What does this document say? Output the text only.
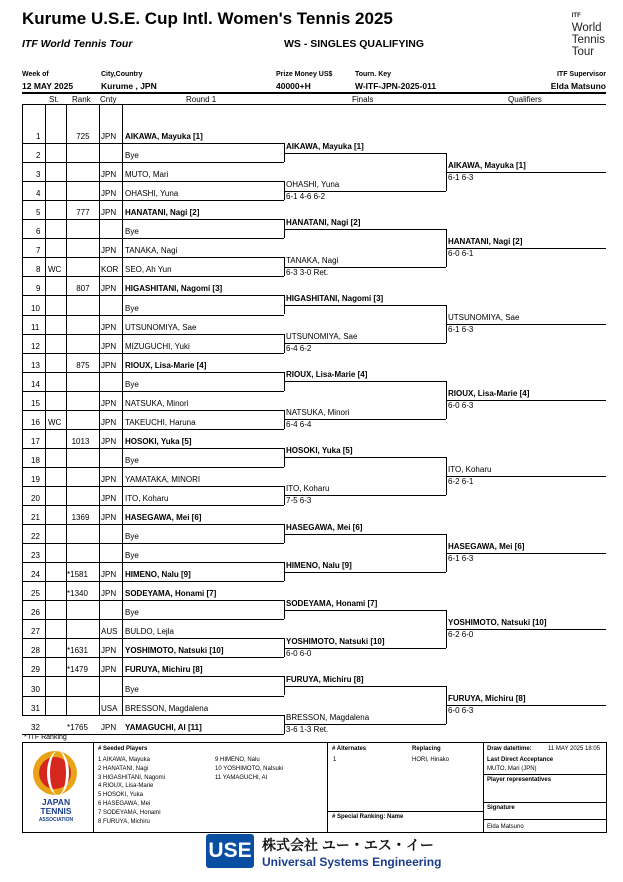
Kurume U.S.E. Cup Intl. Women's Tennis 2025
ITF World Tennis Tour	WS - SINGLES QUALIFYING
ITF
World
Tennis
Tour
Week of
12 MAY 2025
City,Country
Kurume , JPN
Prize Money US$
40000+H
Tourn. Key
W-ITF-JPN-2025-011
ITF Supervisor
Elda Matsuno
St. Rank Cnty	Round 1	Finals	Qualifiers
1	725 JPN AIKAWA, Mayuka [1]
2	Bye
3	JPN MUTO, Mari
4	JPN OHASHI, Yuna
5	777 JPN HANATANI, Nagi [2]
6	Bye
7	JPN TANAKA, Nagi
8 WC	KOR SEO, Ah Yun
9	807 JPN HIGASHITANI, Nagomi [3]
10	Bye
11	JPN UTSUNOMIYA, Sae
12	JPN MIZUGUCHI, Yuki
13	875 JPN RIOUX, Lisa-Marie [4]
14	Bye
15	JPN NATSUKA, Minori
16 WC	JPN TAKEUCHI, Haruna
17	1013 JPN HOSOKI, Yuka [5]
18	Bye
19	JPN YAMATAKA, MINORI
20	JPN ITO, Koharu
21	1369 JPN HASEGAWA, Mei [6]
22	Bye
23	Bye
24	*1581 JPN HIMENO, Nalu [9]
25	*1340 JPN SODEYAMA, Honami [7]
26	Bye
27	AUS BULDO, Lejla
28	*1631 JPN YOSHIMOTO, Natsuki [10]
29	*1479 JPN FURUYA, Michiru [8]
30	Bye
31	USA BRESSON, Magdalena
32	*1765 JPN YAMAGUCHI, AI [11]
AIKAWA, Mayuka [1]
OHASHI, Yuna
6-1 4-6 6-2
HANATANI, Nagi [2]
TANAKA, Nagi
6-3 3-0 Ret.
HIGASHITANI, Nagomi [3]
UTSUNOMIYA, Sae
6-4 6-2
RIOUX, Lisa-Marie [4]
NATSUKA, Minori
6-4 6-4
HOSOKI, Yuka [5]
ITO, Koharu
7-5 6-3
HASEGAWA, Mei [6]
HIMENO, Nalu [9]
SODEYAMA, Honami [7]
YOSHIMOTO, Natsuki [10]
6-0 6-0
FURUYA, Michiru [8]
BRESSON, Magdalena
3-6 1-3 Ret.
AIKAWA, Mayuka [1]
6-1 6-3
HANATANI, Nagi [2]
6-0 6-1
UTSUNOMIYA, Sae
6-1 6-3
RIOUX, Lisa-Marie [4]
6-0 6-3
ITO, Koharu
6-2 6-1
HASEGAWA, Mei [6]
6-1 6-3
YOSHIMOTO, Natsuki [10]
6-2 6-0
FURUYA, Michiru [8]
6-0 6-3
* ITF Ranking
JAPAN
TENNIS
ASSOCIATION
# Seeded Players
1 AIKAWA, Mayuka
2 HANATANI, Nagi
3 HIGASHITANI, Nagomi
4 RIOUX, Lisa-Marie
5 HOSOKI, Yuka
6 HASEGAWA, Mei
7 SODEYAMA, Honami
8 FURUYA, Michiru
9 HIMENO, Nalu
10 YOSHIMOTO, Natsuki
11 YAMAGUCHI, AI
# Alternates	Replacing
1	HORI, Hinako
# Special Ranking: Name
Draw date/time:	11 MAY 2025 18:05
Last Direct Acceptance
MUTO, Mari (JPN)
Player representatives
Signature
Elda Matsuno
USE 株式会社 ユー・エス・イー
Universal Systems Engineering
